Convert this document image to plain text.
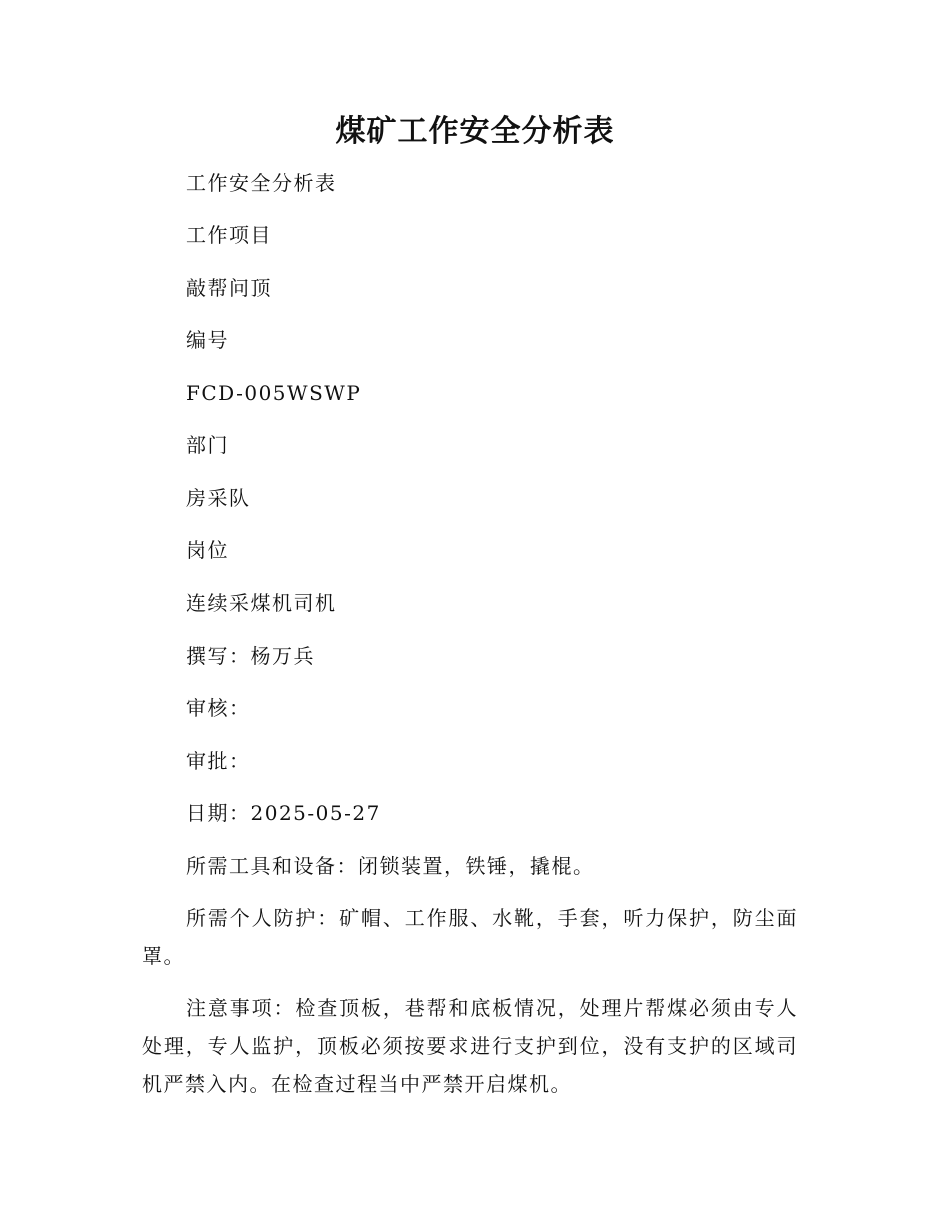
煤矿工作安全分析表

工作安全分析表

工作项目

敲帮问顶

编号

FCD-005WSWP

部门

房采队

岗位

连续采煤机司机

撰写：杨万兵

审核：

审批：

日期：2025-05-27

所需工具和设备：闭锁装置，铁锤，撬棍。

所需个人防护：矿帽、工作服、水靴，手套，听力保护，防尘面罩。

注意事项：检查顶板，巷帮和底板情况，处理片帮煤必须由专人处理，专人监护，顶板必须按要求进行支护到位，没有支护的区域司机严禁入内。在检查过程当中严禁开启煤机。
